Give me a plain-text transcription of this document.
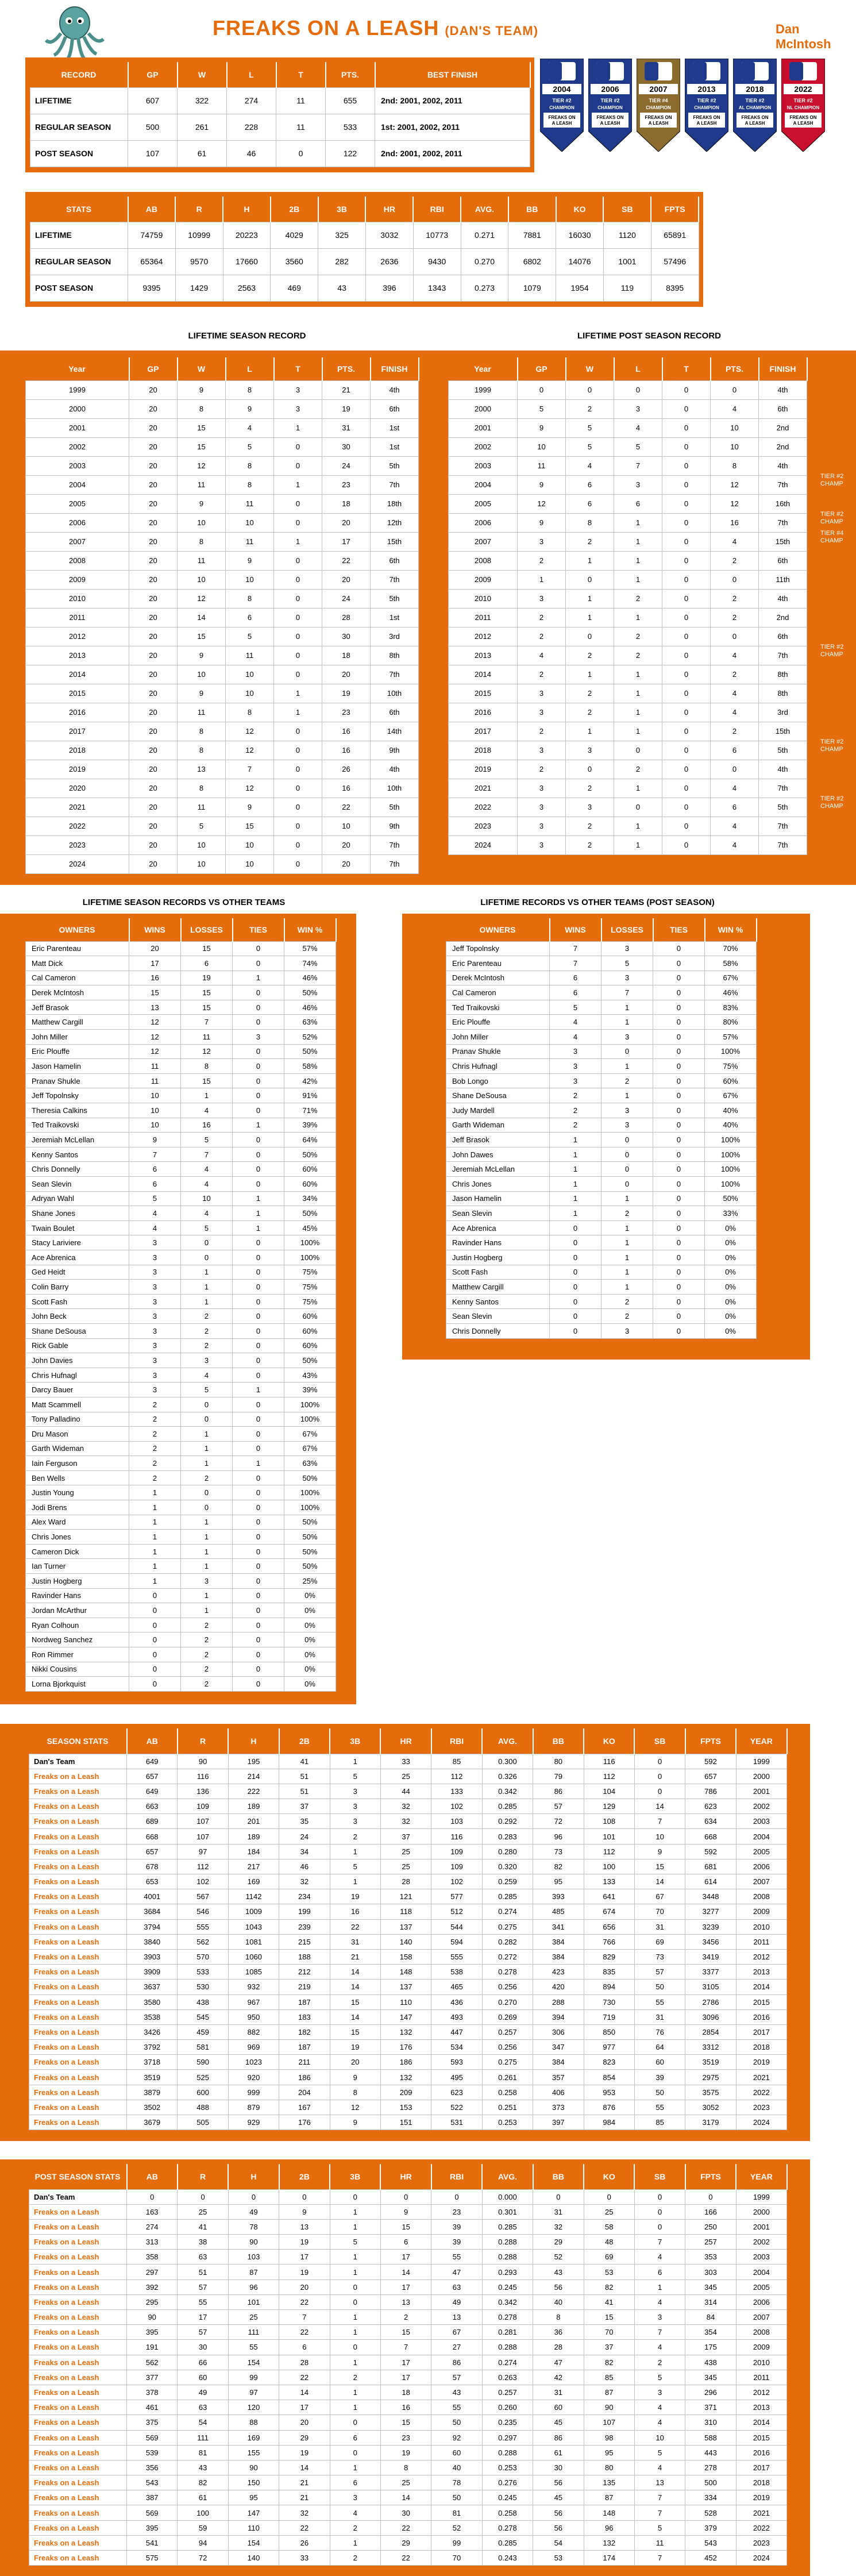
FREAKS ON A LEASH (DAN'S TEAM)	Dan McIntosh
2004
TIER #2
CHAMPION
FREAKS ON A LEASH
2006
TIER #2
CHAMPION
FREAKS ON A LEASH
2007
TIER #4
CHAMPION
FREAKS ON A LEASH
2013
TIER #2
CHAMPION
FREAKS ON A LEASH
2018
TIER #2
AL CHAMPION
FREAKS ON A LEASH
2022
TIER #2
NL CHAMPION
FREAKS ON A LEASH
RECORD	GP	W	L	T	PTS.	BEST FINISH
LIFETIME	607	322	274	11	655	2nd: 2001, 2002, 2011
REGULAR SEASON	500	261	228	11	533	1st: 2001, 2002, 2011
POST SEASON	107	61	46	0	122	2nd: 2001, 2002, 2011
STATS	AB	R	H	2B	3B	HR	RBI	AVG.	BB	KO	SB	FPTS
LIFETIME	74759	10999	20223	4029	325	3032	10773	0.271	7881	16030	1120	65891
REGULAR SEASON	65364	9570	17660	3560	282	2636	9430	0.270	6802	14076	1001	57496
POST SEASON	9395	1429	2563	469	43	396	1343	0.273	1079	1954	119	8395
LIFETIME SEASON RECORD	LIFETIME POST SEASON RECORD
Year	GP	W	L	T	PTS.	FINISH
1999	20	9	8	3	21	4th
2000	20	8	9	3	19	6th
2001	20	15	4	1	31	1st
2002	20	15	5	0	30	1st
2003	20	12	8	0	24	5th
2004	20	11	8	1	23	7th
2005	20	9	11	0	18	18th
2006	20	10	10	0	20	12th
2007	20	8	11	1	17	15th
2008	20	11	9	0	22	6th
2009	20	10	10	0	20	7th
2010	20	12	8	0	24	5th
2011	20	14	6	0	28	1st
2012	20	15	5	0	30	3rd
2013	20	9	11	0	18	8th
2014	20	10	10	0	20	7th
2015	20	9	10	1	19	10th
2016	20	11	8	1	23	6th
2017	20	8	12	0	16	14th
2018	20	8	12	0	16	9th
2019	20	13	7	0	26	4th
2020	20	8	12	0	16	10th
2021	20	11	9	0	22	5th
2022	20	5	15	0	10	9th
2023	20	10	10	0	20	7th
2024	20	10	10	0	20	7th
Year	GP	W	L	T	PTS.	FINISH
1999	0	0	0	0	0	4th
2000	5	2	3	0	4	6th
2001	9	5	4	0	10	2nd
2002	10	5	5	0	10	2nd
2003	11	4	7	0	8	4th
2004	9	6	3	0	12	7th
2005	12	6	6	0	12	16th
2006	9	8	1	0	16	7th
2007	3	2	1	0	4	15th
2008	2	1	1	0	2	6th
2009	1	0	1	0	0	11th
2010	3	1	2	0	2	4th
2011	2	1	1	0	2	2nd
2012	2	0	2	0	0	6th
2013	4	2	2	0	4	7th
2014	2	1	1	0	2	8th
2015	3	2	1	0	4	8th
2016	3	2	1	0	4	3rd
2017	2	1	1	0	2	15th
2018	3	3	0	0	6	5th
2019	2	0	2	0	0	4th
2021	3	2	1	0	4	7th
2022	3	3	0	0	6	5th
2023	3	2	1	0	4	7th
2024	3	2	1	0	4	7th
TIER #2 CHAMP
TIER #2 CHAMP
TIER #4 CHAMP
TIER #2 CHAMP
TIER #2 CHAMP
TIER #2 CHAMP
LIFETIME SEASON RECORDS VS OTHER TEAMS	LIFETIME RECORDS VS OTHER TEAMS (POST SEASON)
OWNERS	WINS	LOSSES	TIES	WIN %
Eric Parenteau	20	15	0	57%
Matt Dick	17	6	0	74%
Cal Cameron	16	19	1	46%
Derek McIntosh	15	15	0	50%
Jeff Brasok	13	15	0	46%
Matthew Cargill	12	7	0	63%
John Miller	12	11	3	52%
Eric Plouffe	12	12	0	50%
Jason Hamelin	11	8	0	58%
Pranav Shukle	11	15	0	42%
Jeff Topolnsky	10	1	0	91%
Theresia Calkins	10	4	0	71%
Ted Traikovski	10	16	1	39%
Jeremiah McLellan	9	5	0	64%
Kenny Santos	7	7	0	50%
Chris Donnelly	6	4	0	60%
Sean Slevin	6	4	0	60%
Adryan Wahl	5	10	1	34%
Shane Jones	4	4	1	50%
Twain Boulet	4	5	1	45%
Stacy Lariviere	3	0	0	100%
Ace Abrenica	3	0	0	100%
Ged Heidt	3	1	0	75%
Colin Barry	3	1	0	75%
Scott Fash	3	1	0	75%
John Beck	3	2	0	60%
Shane DeSousa	3	2	0	60%
Rick Gable	3	2	0	60%
John Davies	3	3	0	50%
Chris Hufnagl	3	4	0	43%
Darcy Bauer	3	5	1	39%
Matt Scammell	2	0	0	100%
Tony Palladino	2	0	0	100%
Dru Mason	2	1	0	67%
Garth Wideman	2	1	0	67%
Iain Ferguson	2	1	1	63%
Ben Wells	2	2	0	50%
Justin Young	1	0	0	100%
Jodi Brens	1	0	0	100%
Alex Ward	1	1	0	50%
Chris Jones	1	1	0	50%
Cameron Dick	1	1	0	50%
Ian Turner	1	1	0	50%
Justin Hogberg	1	3	0	25%
Ravinder Hans	0	1	0	0%
Jordan McArthur	0	1	0	0%
Ryan Colhoun	0	2	0	0%
Nordweg Sanchez	0	2	0	0%
Ron Rimmer	0	2	0	0%
Nikki Cousins	0	2	0	0%
Lorna Bjorkquist	0	2	0	0%
OWNERS	WINS	LOSSES	TIES	WIN %
Jeff Topolnsky	7	3	0	70%
Eric Parenteau	7	5	0	58%
Derek McIntosh	6	3	0	67%
Cal Cameron	6	7	0	46%
Ted Traikovski	5	1	0	83%
Eric Plouffe	4	1	0	80%
John Miller	4	3	0	57%
Pranav Shukle	3	0	0	100%
Chris Hufnagl	3	1	0	75%
Bob Longo	3	2	0	60%
Shane DeSousa	2	1	0	67%
Judy Mardell	2	3	0	40%
Garth Wideman	2	3	0	40%
Jeff Brasok	1	0	0	100%
John Dawes	1	0	0	100%
Jeremiah McLellan	1	0	0	100%
Chris Jones	1	0	0	100%
Jason Hamelin	1	1	0	50%
Sean Slevin	1	2	0	33%
Ace Abrenica	0	1	0	0%
Ravinder Hans	0	1	0	0%
Justin Hogberg	0	1	0	0%
Scott Fash	0	1	0	0%
Matthew Cargill	0	1	0	0%
Kenny Santos	0	2	0	0%
Sean Slevin	0	2	0	0%
Chris Donnelly	0	3	0	0%
SEASON STATS	AB	R	H	2B	3B	HR	RBI	AVG.	BB	KO	SB	FPTS	YEAR
Dan's Team	649	90	195	41	1	33	85	0.300	80	116	0	592	1999
Freaks on a Leash	657	116	214	51	5	25	112	0.326	79	112	0	657	2000
Freaks on a Leash	649	136	222	51	3	44	133	0.342	86	104	0	786	2001
Freaks on a Leash	663	109	189	37	3	32	102	0.285	57	129	14	623	2002
Freaks on a Leash	689	107	201	35	3	32	103	0.292	72	108	7	634	2003
Freaks on a Leash	668	107	189	24	2	37	116	0.283	96	101	10	668	2004
Freaks on a Leash	657	97	184	34	1	25	109	0.280	73	112	9	592	2005
Freaks on a Leash	678	112	217	46	5	25	109	0.320	82	100	15	681	2006
Freaks on a Leash	653	102	169	32	1	28	102	0.259	95	133	14	614	2007
Freaks on a Leash	4001	567	1142	234	19	121	577	0.285	393	641	67	3448	2008
Freaks on a Leash	3684	546	1009	199	16	118	512	0.274	485	674	70	3277	2009
Freaks on a Leash	3794	555	1043	239	22	137	544	0.275	341	656	31	3239	2010
Freaks on a Leash	3840	562	1081	215	31	140	594	0.282	384	766	69	3456	2011
Freaks on a Leash	3903	570	1060	188	21	158	555	0.272	384	829	73	3419	2012
Freaks on a Leash	3909	533	1085	212	14	148	538	0.278	423	835	57	3377	2013
Freaks on a Leash	3637	530	932	219	14	137	465	0.256	420	894	50	3105	2014
Freaks on a Leash	3580	438	967	187	15	110	436	0.270	288	730	55	2786	2015
Freaks on a Leash	3538	545	950	183	14	147	493	0.269	394	719	31	3096	2016
Freaks on a Leash	3426	459	882	182	15	132	447	0.257	306	850	76	2854	2017
Freaks on a Leash	3792	581	969	187	19	176	534	0.256	347	977	64	3312	2018
Freaks on a Leash	3718	590	1023	211	20	186	593	0.275	384	823	60	3519	2019
Freaks on a Leash	3519	525	920	186	9	132	495	0.261	357	854	39	2975	2021
Freaks on a Leash	3879	600	999	204	8	209	623	0.258	406	953	50	3575	2022
Freaks on a Leash	3502	488	879	167	12	153	522	0.251	373	876	55	3052	2023
Freaks on a Leash	3679	505	929	176	9	151	531	0.253	397	984	85	3179	2024
POST SEASON STATS	AB	R	H	2B	3B	HR	RBI	AVG.	BB	KO	SB	FPTS	YEAR
Dan's Team	0	0	0	0	0	0	0	0.000	0	0	0	0	1999
Freaks on a Leash	163	25	49	9	1	9	23	0.301	31	25	0	166	2000
Freaks on a Leash	274	41	78	13	1	15	39	0.285	32	58	0	250	2001
Freaks on a Leash	313	38	90	19	5	6	39	0.288	29	48	7	257	2002
Freaks on a Leash	358	63	103	17	1	17	55	0.288	52	69	4	353	2003
Freaks on a Leash	297	51	87	19	1	14	47	0.293	43	53	6	303	2004
Freaks on a Leash	392	57	96	20	0	17	63	0.245	56	82	1	345	2005
Freaks on a Leash	295	55	101	22	0	13	49	0.342	40	41	4	314	2006
Freaks on a Leash	90	17	25	7	1	2	13	0.278	8	15	3	84	2007
Freaks on a Leash	395	57	111	22	1	15	67	0.281	36	70	7	354	2008
Freaks on a Leash	191	30	55	6	0	7	27	0.288	28	37	4	175	2009
Freaks on a Leash	562	66	154	28	1	17	86	0.274	47	82	2	438	2010
Freaks on a Leash	377	60	99	22	2	17	57	0.263	42	85	5	345	2011
Freaks on a Leash	378	49	97	14	1	18	43	0.257	31	87	3	296	2012
Freaks on a Leash	461	63	120	17	1	16	55	0.260	60	90	4	371	2013
Freaks on a Leash	375	54	88	20	0	15	50	0.235	45	107	4	310	2014
Freaks on a Leash	569	111	169	29	6	23	92	0.297	86	98	10	588	2015
Freaks on a Leash	539	81	155	19	0	19	60	0.288	61	95	5	443	2016
Freaks on a Leash	356	43	90	14	1	8	40	0.253	30	80	4	278	2017
Freaks on a Leash	543	82	150	21	6	25	78	0.276	56	135	13	500	2018
Freaks on a Leash	387	61	95	21	3	14	50	0.245	45	87	7	334	2019
Freaks on a Leash	569	100	147	32	4	30	81	0.258	56	148	7	528	2021
Freaks on a Leash	395	59	110	22	2	22	52	0.278	56	96	5	379	2022
Freaks on a Leash	541	94	154	26	1	29	99	0.285	54	132	11	543	2023
Freaks on a Leash	575	72	140	33	2	22	70	0.243	53	174	7	452	2024
